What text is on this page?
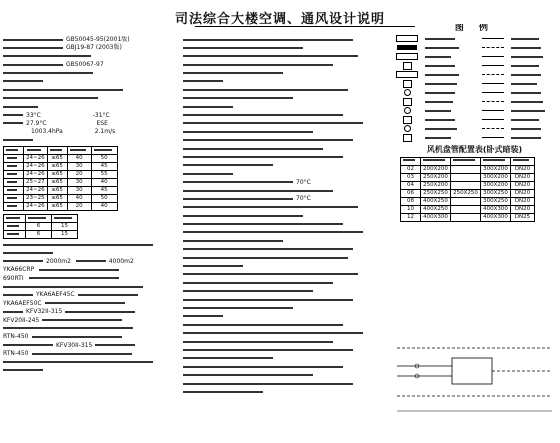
司法综合大楼空调、通风设计说明
GB50045-95(2001版)
GBJ19-87 (2003版)
GB50067-97
33°C	-31°C
27.9°C	ESE
1003.4hPa	2.1m/s

	24~26	≤65	40	50
	24~26	≤65	30	45
	24~26	≤65	20	55
	25~27	≤65	30	40
	24~26	≤65	30	45
	23~25	≤65	40	50
	24~26	≤65	20	40

	6	15
	6	15
2000m2	4000m2
YKA66CRP
690RTI
YKA6AEF45C
YKA6AEF50C
KFV32II-315
KFV20II-245
RTN-450
KFV30II-315
RTN-450
70°C
70°C
图 例
风机盘管配置表(卧式暗装)

02	200X200		300X200	DN20
03	250X200		300X200	DN20
04	250X200		300X200	DN20
06	250X250	250X250	300X250	DN20
08	400X250		300X250	DN20
10	400X250		400X300	DN20
12	400X300		400X300	DN25
